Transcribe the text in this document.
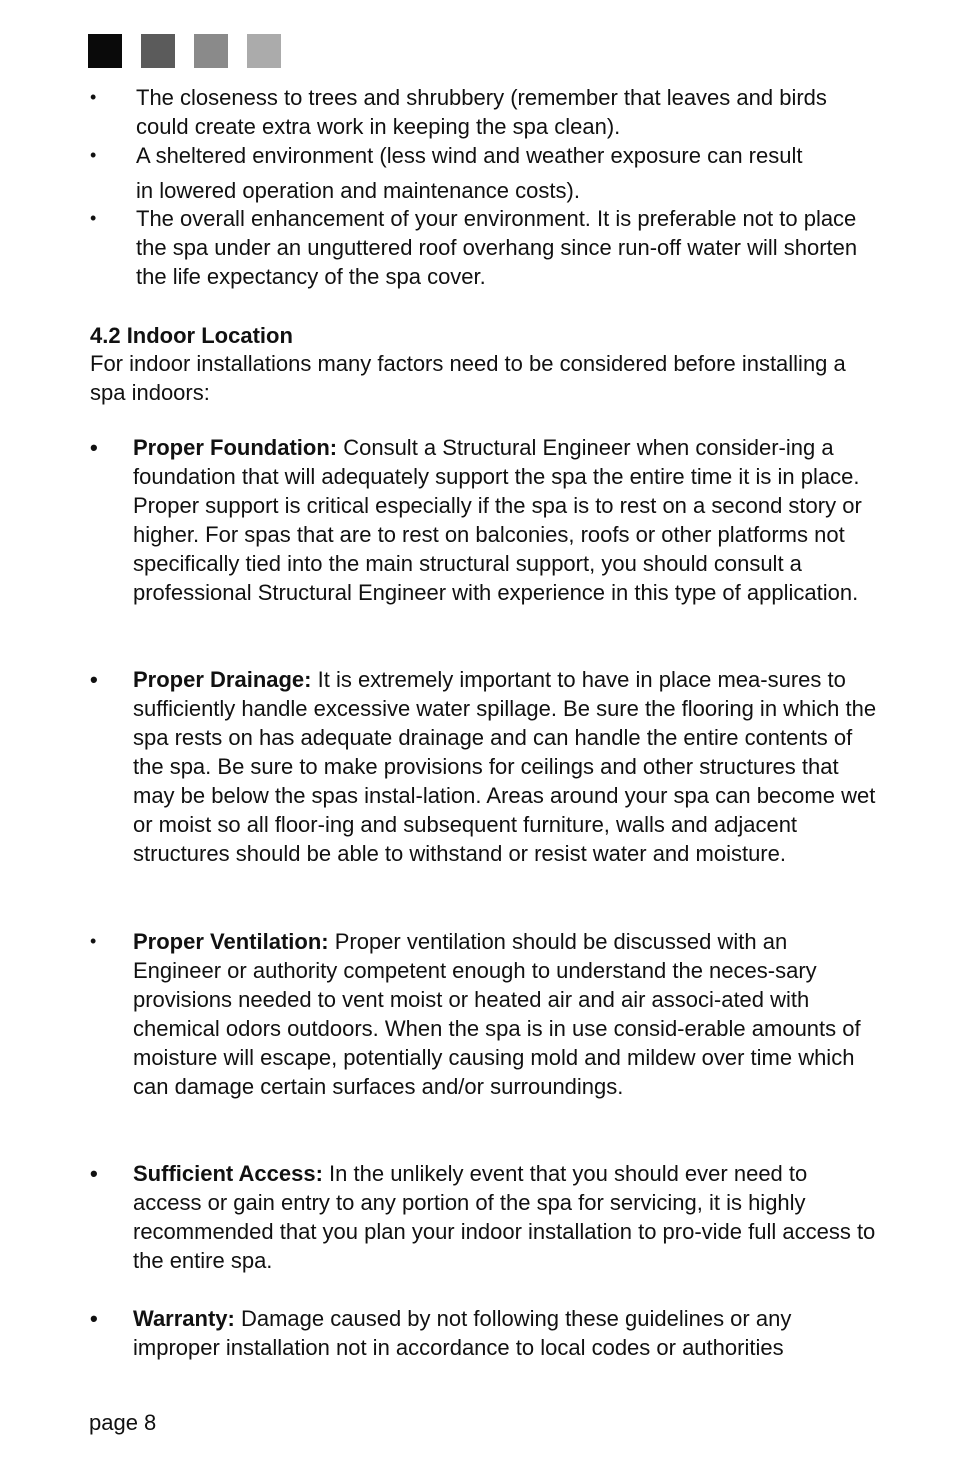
•	The closeness to trees and shrubbery (remember that leaves and birds could create extra work in keeping the spa clean).
•	A sheltered environment (less wind and weather exposure can result
in lowered operation and maintenance costs).
•	The overall enhancement of your environment. It is preferable not to place the spa under an unguttered roof overhang since run-off water will shorten the life expectancy of the spa cover.
4.2 Indoor Location
For indoor installations many factors need to be considered before installing a spa indoors:
•	Proper Foundation: Consult a Structural Engineer when consider-ing a foundation that will adequately support the spa the entire time it is in place. Proper support is critical especially if the spa is to rest on a second story or higher. For spas that are to rest on balconies, roofs or other platforms not specifically tied into the main structural support, you should consult a professional Structural Engineer with experience in this type of application.
•	Proper Drainage: It is extremely important to have in place mea-sures to sufficiently handle excessive water spillage. Be sure the flooring in which the spa rests on has adequate drainage and can handle the entire contents of the spa. Be sure to make provisions for ceilings and other structures that may be below the spas instal-lation. Areas around your spa can become wet or moist so all floor-ing and subsequent furniture, walls and adjacent structures should be able to withstand or resist water and moisture.
•	Proper Ventilation: Proper ventilation should be discussed with an Engineer or authority competent enough to understand the neces-sary provisions needed to vent moist or heated air and air associ-ated with chemical odors outdoors. When the spa is in use consid-erable amounts of moisture will escape, potentially causing mold and mildew over time which can damage certain surfaces and/or surroundings.
•	Sufficient Access: In the unlikely event that you should ever need to access or gain entry to any portion of the spa for servicing, it is highly recommended that you plan your indoor installation to pro-vide full access to the entire spa.
•	Warranty: Damage caused by not following these guidelines or any improper installation not in accordance to local codes or authorities
page 8
